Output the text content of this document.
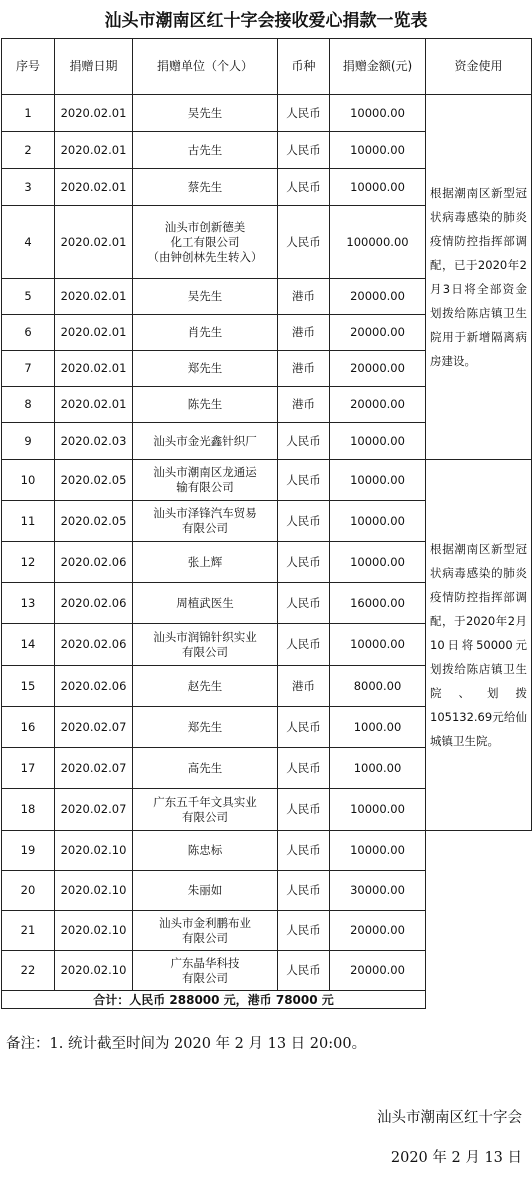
汕头市潮南区红十字会接收爱心捐款一览表
序号	捐赠日期	捐赠单位（个人）	币种	捐赠金额(元)	资金使用
1	2020.02.01	吴先生	人民币	10000.00	根据潮南区新型冠状病毒感染的肺炎疫情防控指挥部调配，已于2020年2月3日将全部资金划拨给陈店镇卫生院用于新增隔离病房建设。
2	2020.02.01	古先生	人民币	10000.00	
3	2020.02.01	蔡先生	人民币	10000.00	
4	2020.02.01	汕头市创新德美
化工有限公司
（由钟创林先生转入）	人民币	100000.00	
5	2020.02.01	吴先生	港币	20000.00	
6	2020.02.01	肖先生	港币	20000.00	
7	2020.02.01	郑先生	港币	20000.00	
8	2020.02.01	陈先生	港币	20000.00	
9	2020.02.03	汕头市金光鑫针织厂	人民币	10000.00	
10	2020.02.05	汕头市潮南区龙通运
输有限公司	人民币	10000.00	根据潮南区新型冠状病毒感染的肺炎疫情防控指挥部调配，于2020年2月10日将50000元划拨给陈店镇卫生院、划拨105132.69元给仙城镇卫生院。
11	2020.02.05	汕头市泽锋汽车贸易
有限公司	人民币	10000.00	
12	2020.02.06	张上辉	人民币	10000.00	
13	2020.02.06	周植武医生	人民币	16000.00	
14	2020.02.06	汕头市润锦针织实业
有限公司	人民币	10000.00	
15	2020.02.06	赵先生	港币	8000.00	
16	2020.02.07	郑先生	人民币	1000.00	
17	2020.02.07	高先生	人民币	1000.00	
18	2020.02.07	广东五千年文具实业
有限公司	人民币	10000.00	
19	2020.02.10	陈忠标	人民币	10000.00	
20	2020.02.10	朱丽如	人民币	30000.00	
21	2020.02.10	汕头市金利鹏布业
有限公司	人民币	20000.00	
22	2020.02.10	广东晶华科技
有限公司	人民币	20000.00	
合计：人民币 288000 元，港币 78000 元					
备注：1. 统计截至时间为 2020 年 2 月 13 日 20:00。
汕头市潮南区红十字会
2020 年 2 月 13 日
